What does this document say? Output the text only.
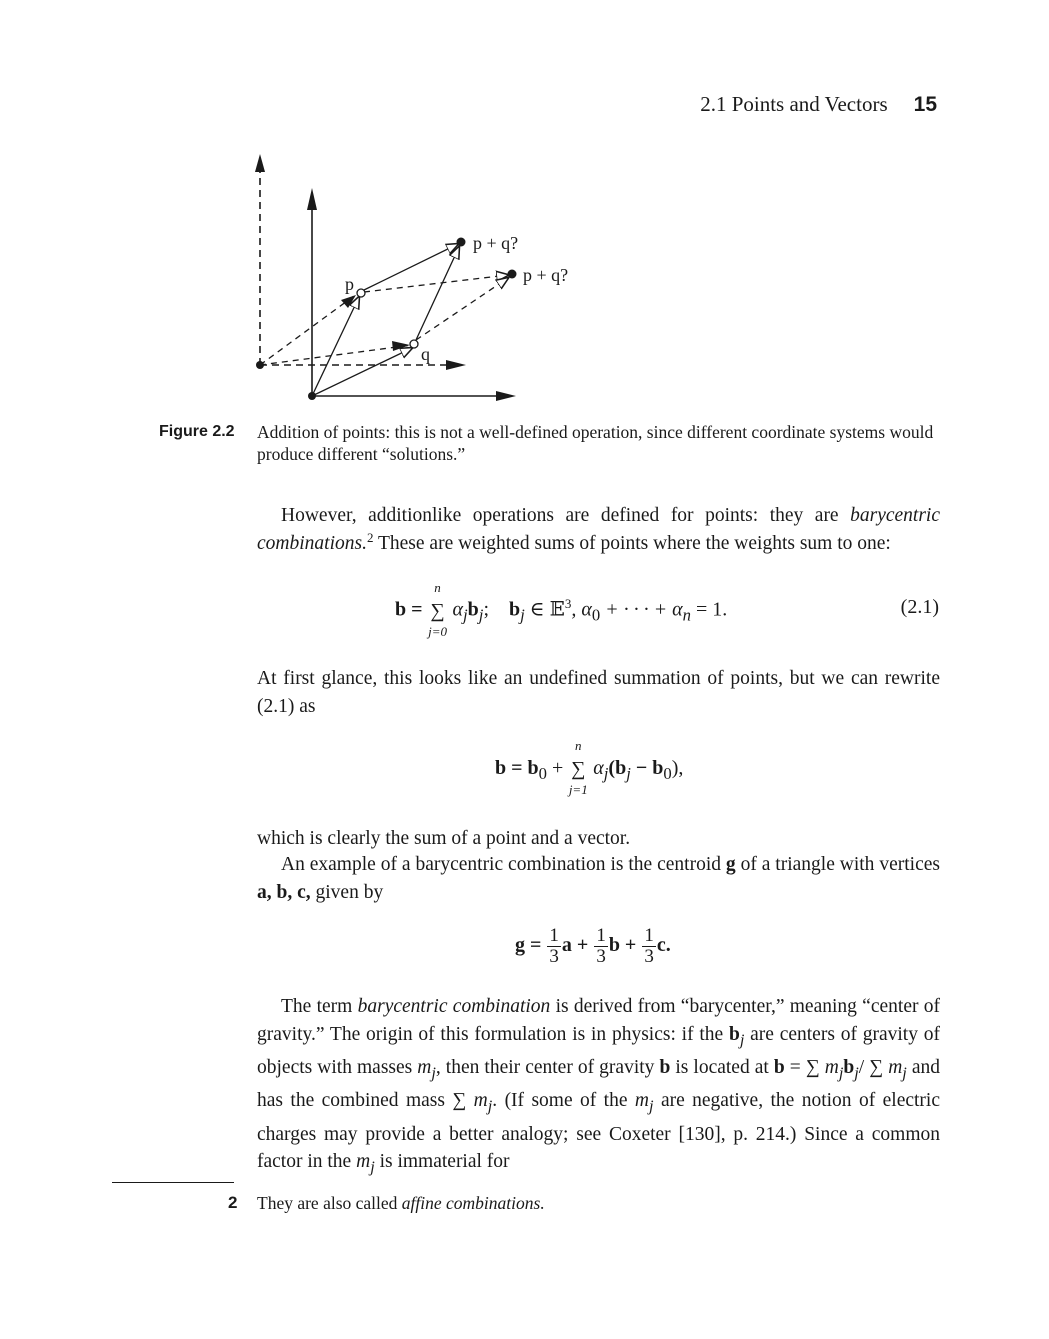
2.1 Points and Vectors 15
p
q
p + q?
p + q?
Figure 2.2 Addition of points: this is not a well-defined operation, since different coordinate systems would produce different “solutions.”
However, additionlike operations are defined for points: they are barycentric combinations.$^2$ These are weighted sums of points where the weights sum to one:
b =
n
∑
j=0
$\alpha_jb_j$; $b_j$ ∈ 𝔼$^3$, $\alpha_0$ + · · · + $\alpha_n = 1$.	(2.1)
At first glance, this looks like an undefined summation of points, but we can rewrite (2.1) as
$b = b_0$ +
n
∑
j=1
$\alpha_j(b_j - b_0)$,
which is clearly the sum of a point and a vector.
An example of a barycentric combination is the centroid g of a triangle with vertices a, b, c, given by
$g = \frac{1}{3}$ $a + \frac{1}{3}$ $b + \frac{1}{3} c$.
The term barycentric combination is derived from “barycenter,” meaning “center of gravity.” The origin of this formulation is in physics: if the $b_j$ are centers of gravity of objects with masses $m_j$, then their center of gravity b is located at b = ∑ $m_jb_j/$ ∑ $m_j$ and has the combined mass ∑ $m_j$. (If some of the $m_j$ are negative, the notion of electric charges may provide a better analogy; see Coxeter [130], p. 214.) Since a common factor in the $m_j$ is immaterial for
2 They are also called affine combinations.
